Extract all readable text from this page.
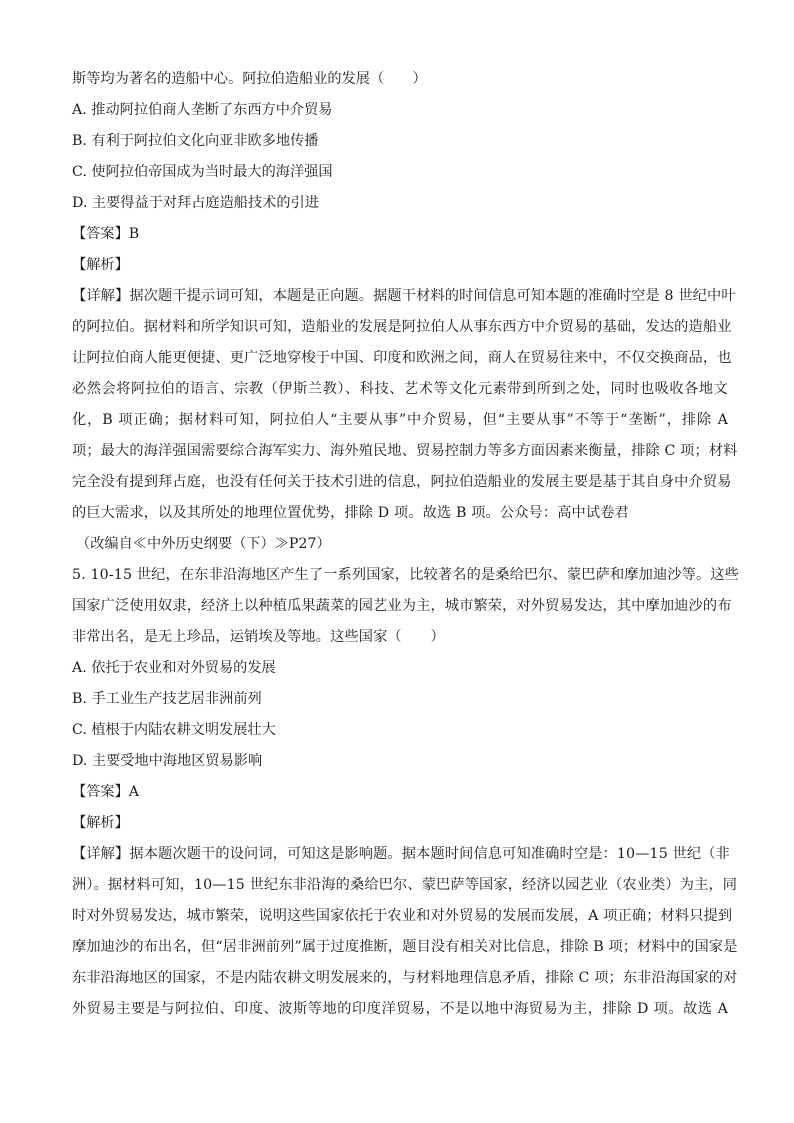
斯等均为著名的造船中心。阿拉伯造船业的发展（　　）
A. 推动阿拉伯商人垄断了东西方中介贸易
B. 有利于阿拉伯文化向亚非欧多地传播
C. 使阿拉伯帝国成为当时最大的海洋强国
D. 主要得益于对拜占庭造船技术的引进
【答案】B
【解析】
【详解】据次题干提示词可知，本题是正向题。据题干材料的时间信息可知本题的准确时空是 8 世纪中叶
的阿拉伯。据材料和所学知识可知，造船业的发展是阿拉伯人从事东西方中介贸易的基础，发达的造船业
让阿拉伯商人能更便捷、更广泛地穿梭于中国、印度和欧洲之间，商人在贸易往来中，不仅交换商品，也
必然会将阿拉伯的语言、宗教（伊斯兰教）、科技、艺术等文化元素带到所到之处，同时也吸收各地文
化，B 项正确；据材料可知，阿拉伯人“主要从事”中介贸易，但“主要从事”不等于“垄断”，排除 A
项；最大的海洋强国需要综合海军实力、海外殖民地、贸易控制力等多方面因素来衡量，排除 C 项；材料
完全没有提到拜占庭，也没有任何关于技术引进的信息，阿拉伯造船业的发展主要是基于其自身中介贸易
的巨大需求，以及其所处的地理位置优势，排除 D 项。故选 B 项。公众号：高中试卷君
（改编自≪中外历史纲要（下）≫P27）
5. 10-15 世纪，在东非沿海地区产生了一系列国家，比较著名的是桑给巴尔、蒙巴萨和摩加迪沙等。这些
国家广泛使用奴隶，经济上以种植瓜果蔬菜的园艺业为主，城市繁荣，对外贸易发达，其中摩加迪沙的布
非常出名，是无上珍品，运销埃及等地。这些国家（　　）
A. 依托于农业和对外贸易的发展
B. 手工业生产技艺居非洲前列
C. 植根于内陆农耕文明发展壮大
D. 主要受地中海地区贸易影响
【答案】A
【解析】
【详解】据本题次题干的设问词，可知这是影响题。据本题时间信息可知准确时空是：10—15 世纪（非
洲）。据材料可知，10—15 世纪东非沿海的桑给巴尔、蒙巴萨等国家，经济以园艺业（农业类）为主，同
时对外贸易发达，城市繁荣，说明这些国家依托于农业和对外贸易的发展而发展，A 项正确；材料只提到
摩加迪沙的布出名，但“居非洲前列”属于过度推断，题目没有相关对比信息，排除 B 项；材料中的国家是
东非沿海地区的国家，不是内陆农耕文明发展来的，与材料地理信息矛盾，排除 C 项；东非沿海国家的对
外贸易主要是与阿拉伯、印度、波斯等地的印度洋贸易，不是以地中海贸易为主，排除 D 项。故选 A
